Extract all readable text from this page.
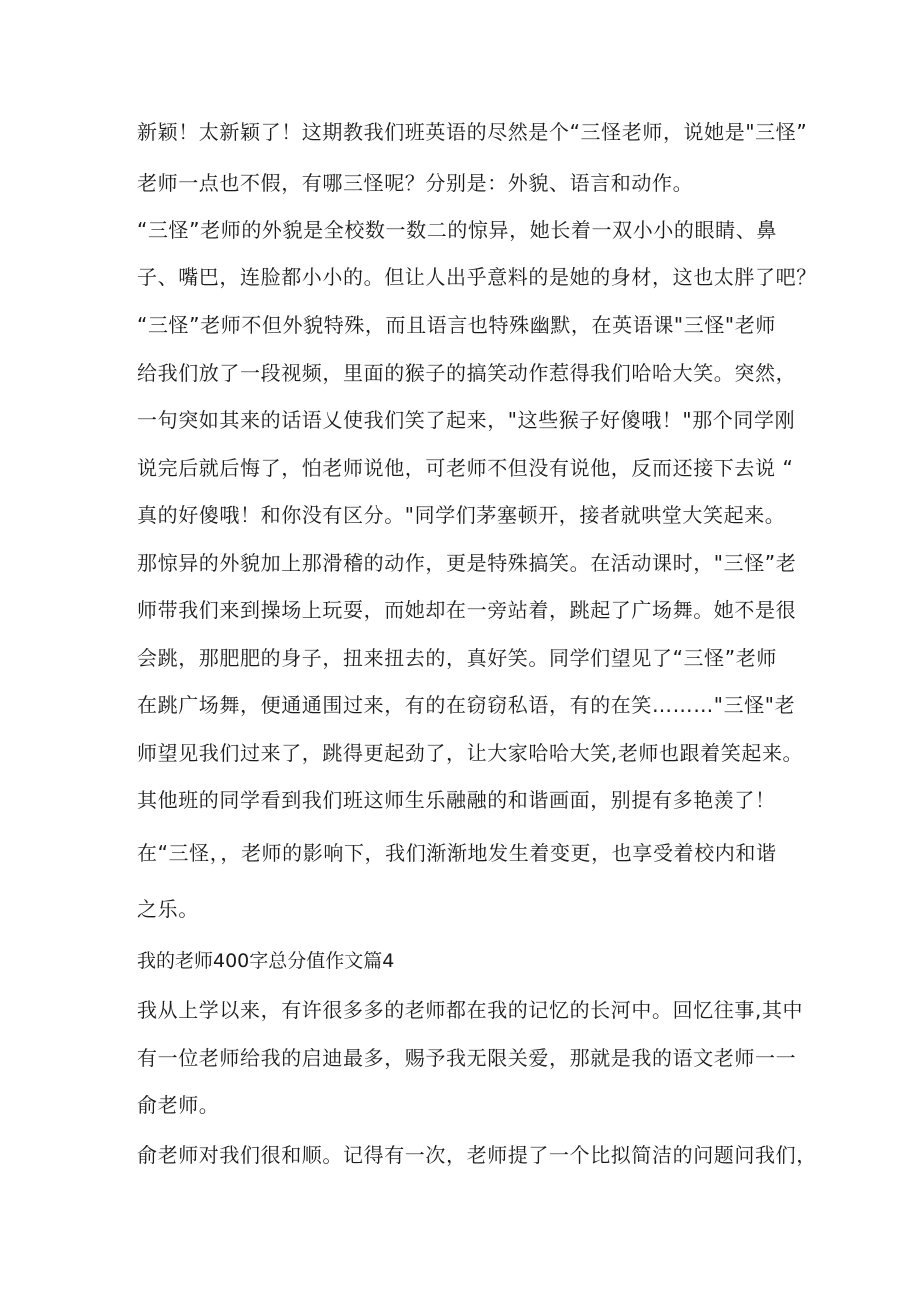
新颖！太新颖了！这期教我们班英语的尽然是个“三怪老师，说她是"三怪”
老师一点也不假，有哪三怪呢？分别是：外貌、语言和动作。
“三怪”老师的外貌是全校数一数二的惊异，她长着一双小小的眼睛、鼻
子、嘴巴，连脸都小小的。但让人出乎意料的是她的身材，这也太胖了吧？
“三怪”老师不但外貌特殊，而且语言也特殊幽默，在英语课"三怪"老师
给我们放了一段视频，里面的猴子的搞笑动作惹得我们哈哈大笑。突然，
一句突如其来的话语乂使我们笑了起来，"这些猴子好傻哦！"那个同学刚
说完后就后悔了，怕老师说他，可老师不但没有说他，反而还接下去说 “
真的好傻哦！和你没有区分。"同学们茅塞顿开，接者就哄堂大笑起来。
那惊异的外貌加上那滑稽的动作，更是特殊搞笑。在活动课时，"三怪”老
师带我们来到操场上玩耍，而她却在一旁站着，跳起了广场舞。她不是很
会跳，那肥肥的身子，扭来扭去的，真好笑。同学们望见了“三怪”老师
在跳广场舞，便通通围过来，有的在窃窃私语，有的在笑………"三怪"老
师望见我们过来了，跳得更起劲了，让大家哈哈大笑,老师也跟着笑起来。
其他班的同学看到我们班这师生乐融融的和谐画面，别提有多艳羡了！
在“三怪，，老师的影响下，我们渐渐地发生着变更，也享受着校内和谐
之乐。
我的老师400字总分值作文篇4
我从上学以来，有许很多多的老师都在我的记忆的长河中。回忆往事,其中
有一位老师给我的启迪最多，赐予我无限关爱，那就是我的语文老师一一
俞老师。
俞老师对我们很和顺。记得有一次，老师提了一个比拟简洁的问题问我们，
